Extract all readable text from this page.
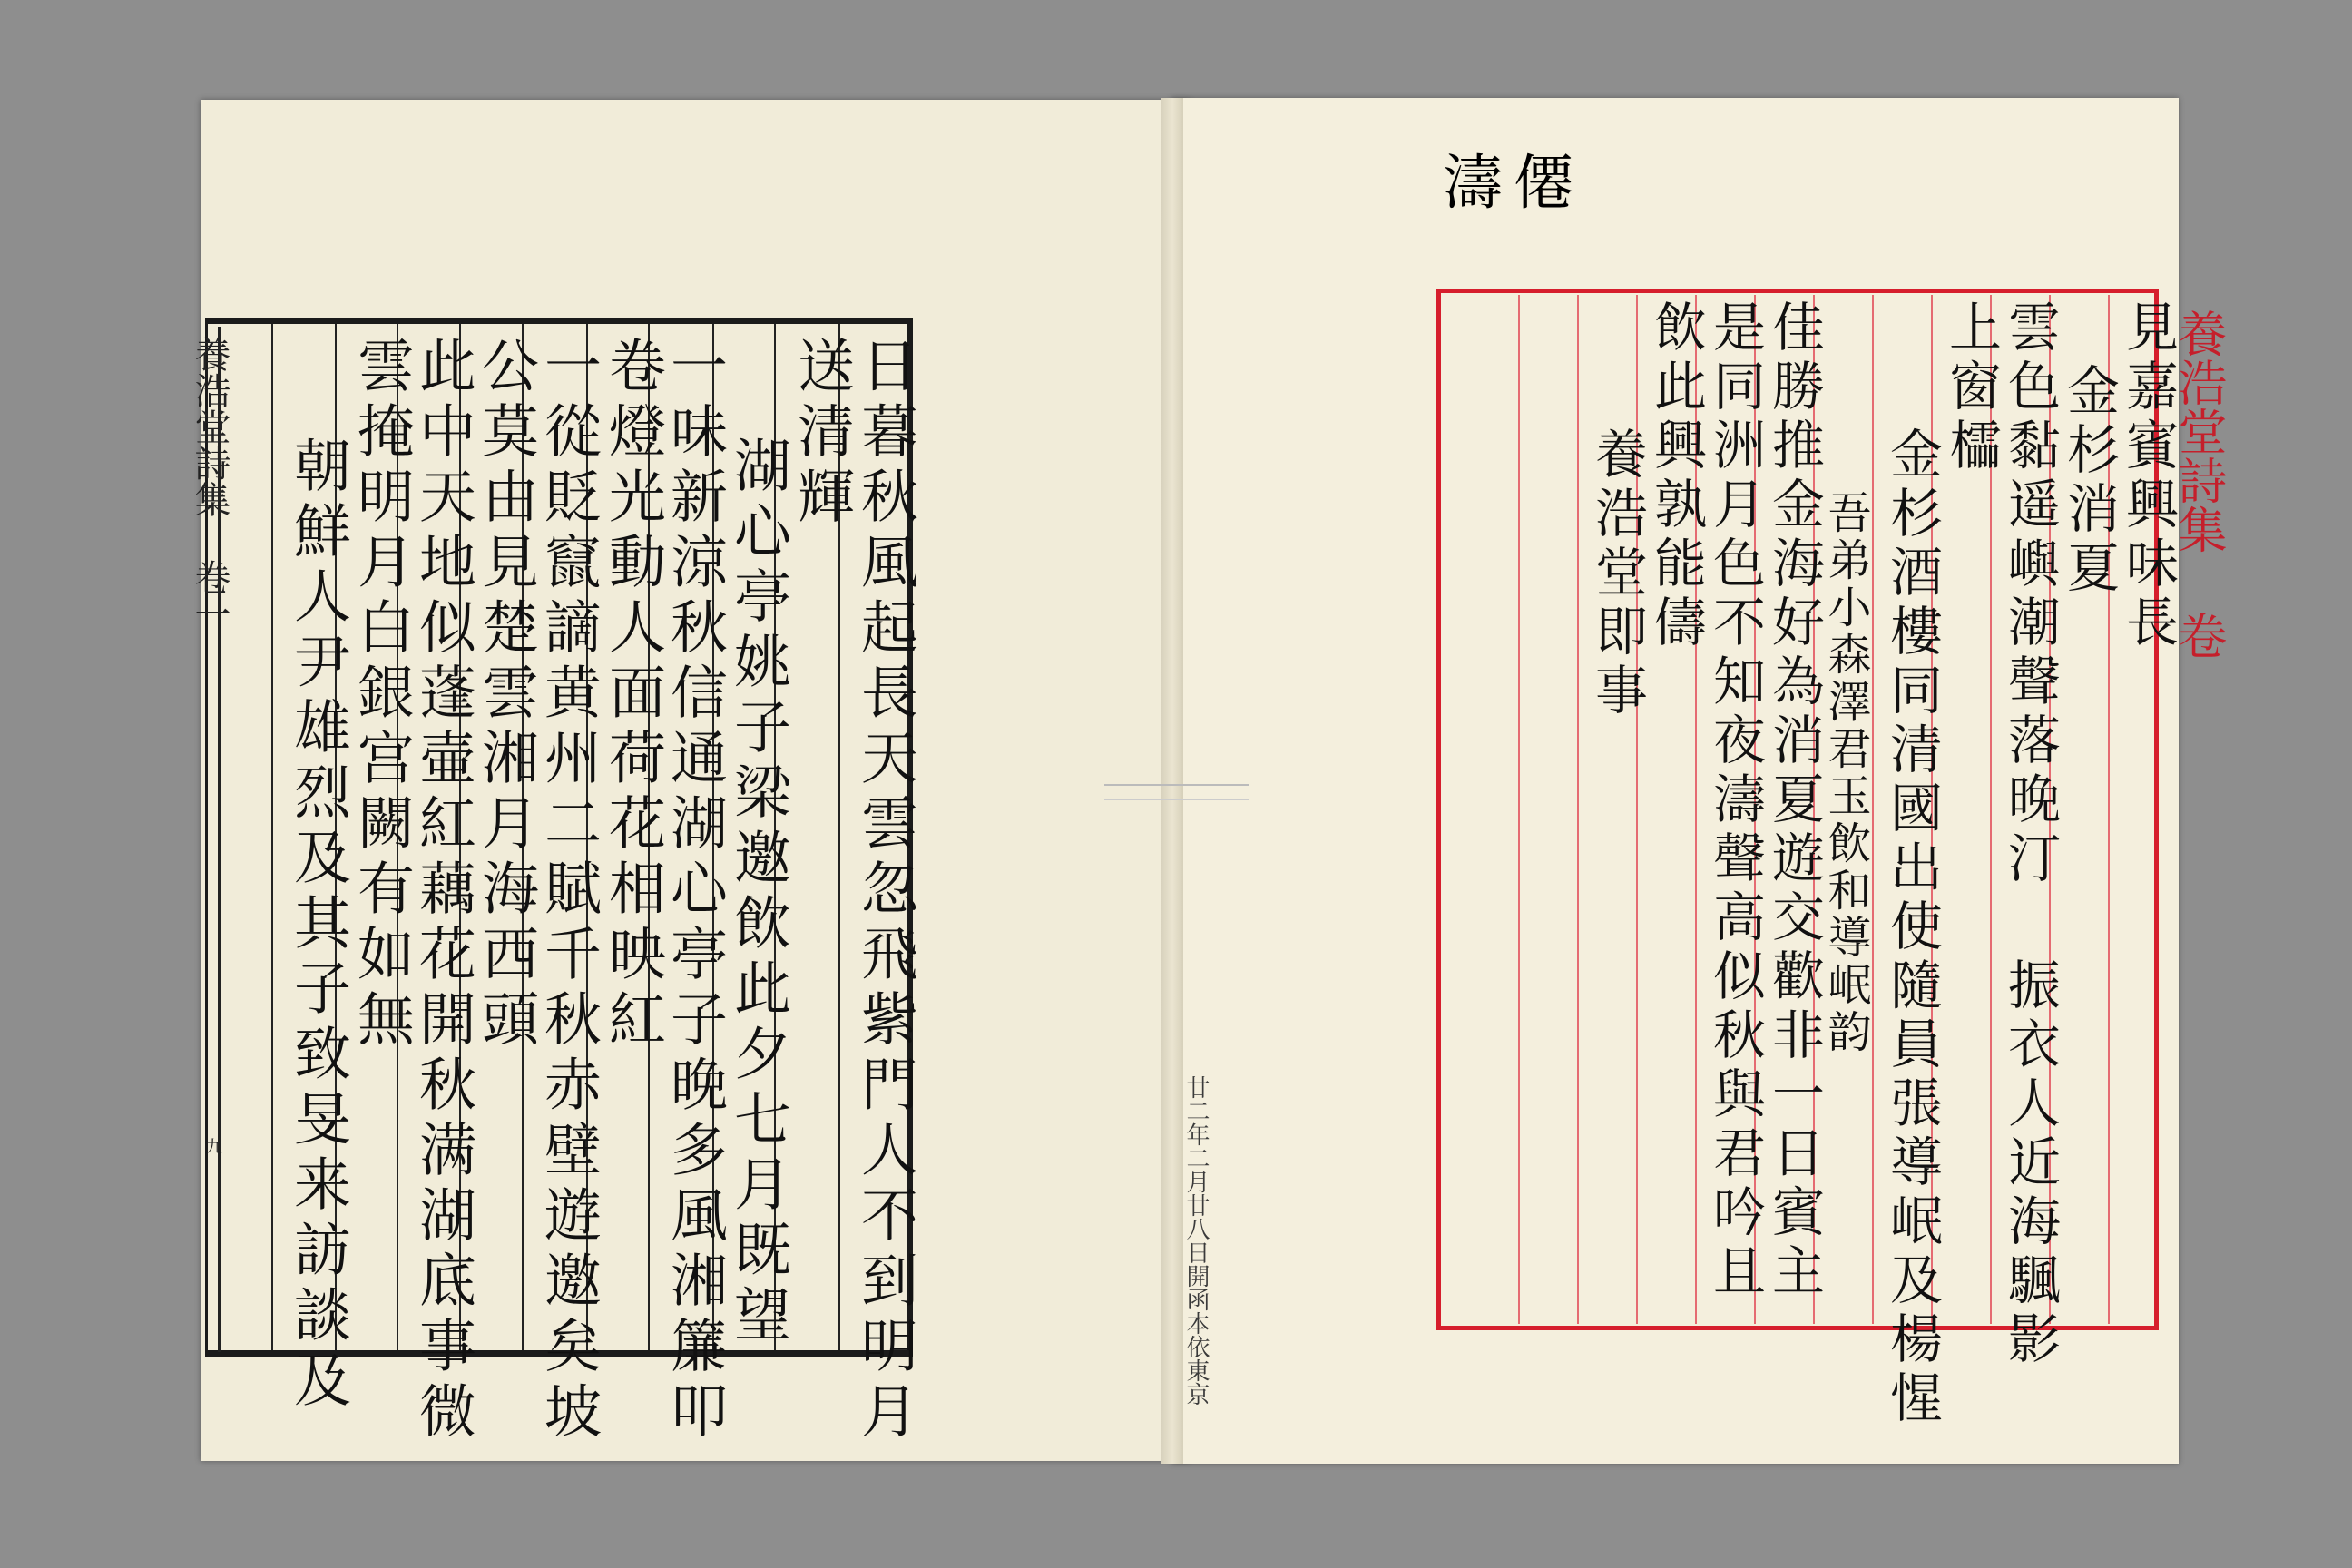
養浩堂詩集 卷一
九	日暮秋風起長天雲忽飛紫門人不到明月
送清輝
湖心亭姚子梁邀飲此夕七月既望
一味新涼秋信通湖心亭子晚多風湘簾叩
卷燈光動人面荷花相映紅
一從貶竄謫黄州二賦千秋赤壁遊邀矣坡
公莫由見楚雲湘月海西頭
此中天地似蓬壷紅藕花開秋满湖底事微
雲掩明月白銀宫闕有如無
朝鮮人尹雄烈及其子致旻来訪談及	廿二年二月廿八日開函本依東京
濤僊
養浩堂詩集 卷
見嘉賓興味長
金杉消夏
雲色黏遥嶼潮聲落晚汀 振衣人近海颿影
上窗櫺
金杉酒樓同清國出使隨員張導岷及楊惺
吾弟小森澤君玉飲和導岷韵
佳勝推金海好為消夏遊交歡非一日賓主
是同洲月色不知夜濤聲高似秋與君吟且
飲此興孰能儔
養浩堂即事
